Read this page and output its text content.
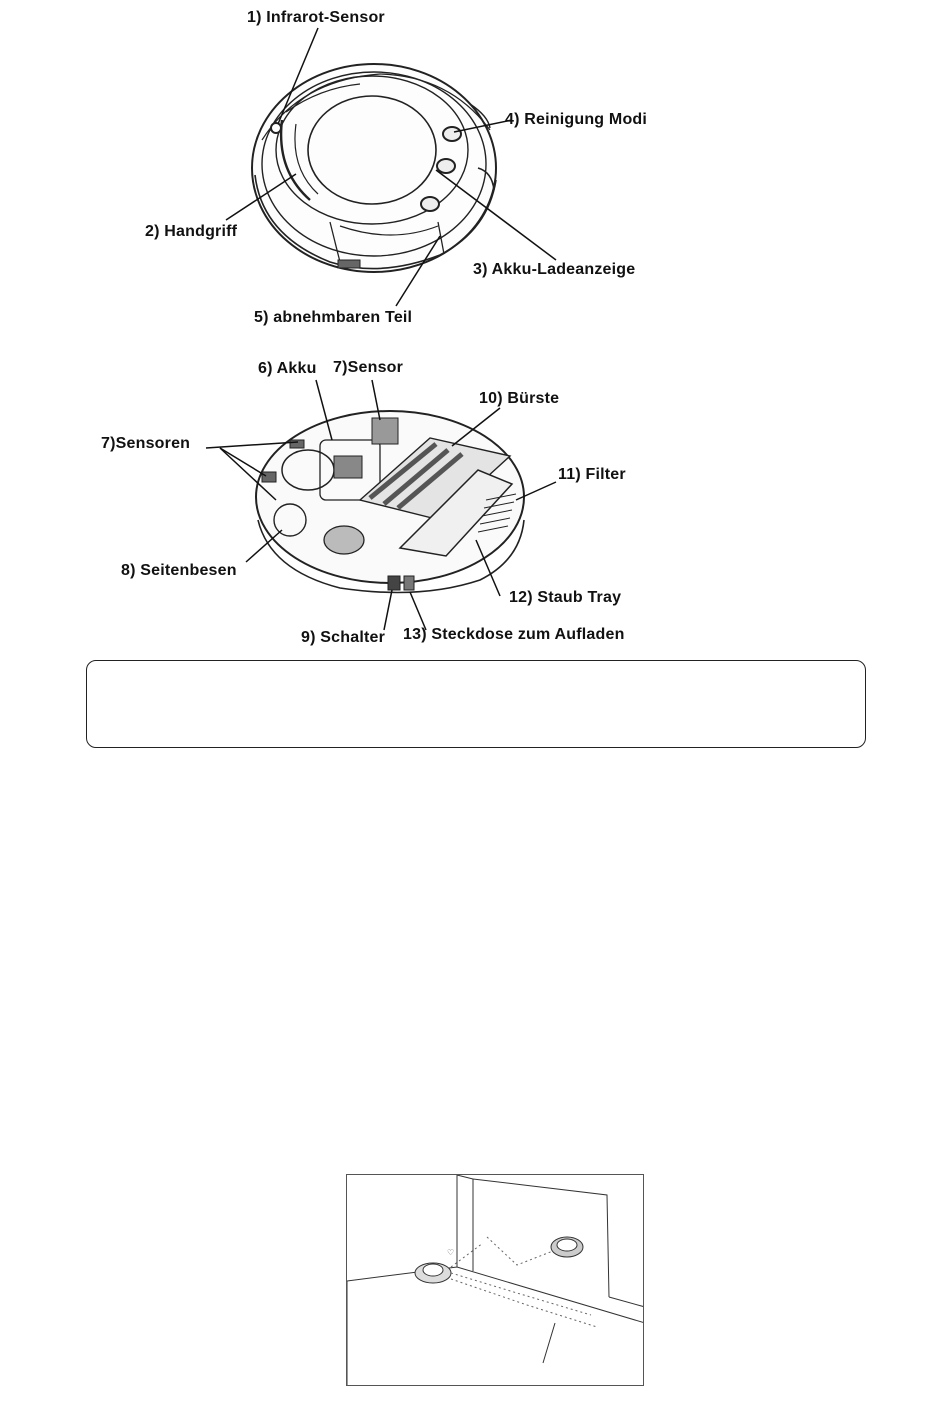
1) Infrarot-Sensor
4) Reinigung Modi
2) Handgriff
3) Akku-Ladeanzeige
5) abnehmbaren Teil
6) Akku 7)Sensor
10) Bürste
7)Sensoren
11) Filter
8) Seitenbesen
12) Staub Tray
9) Schalter 13) Steckdose zum Aufladen
♡
